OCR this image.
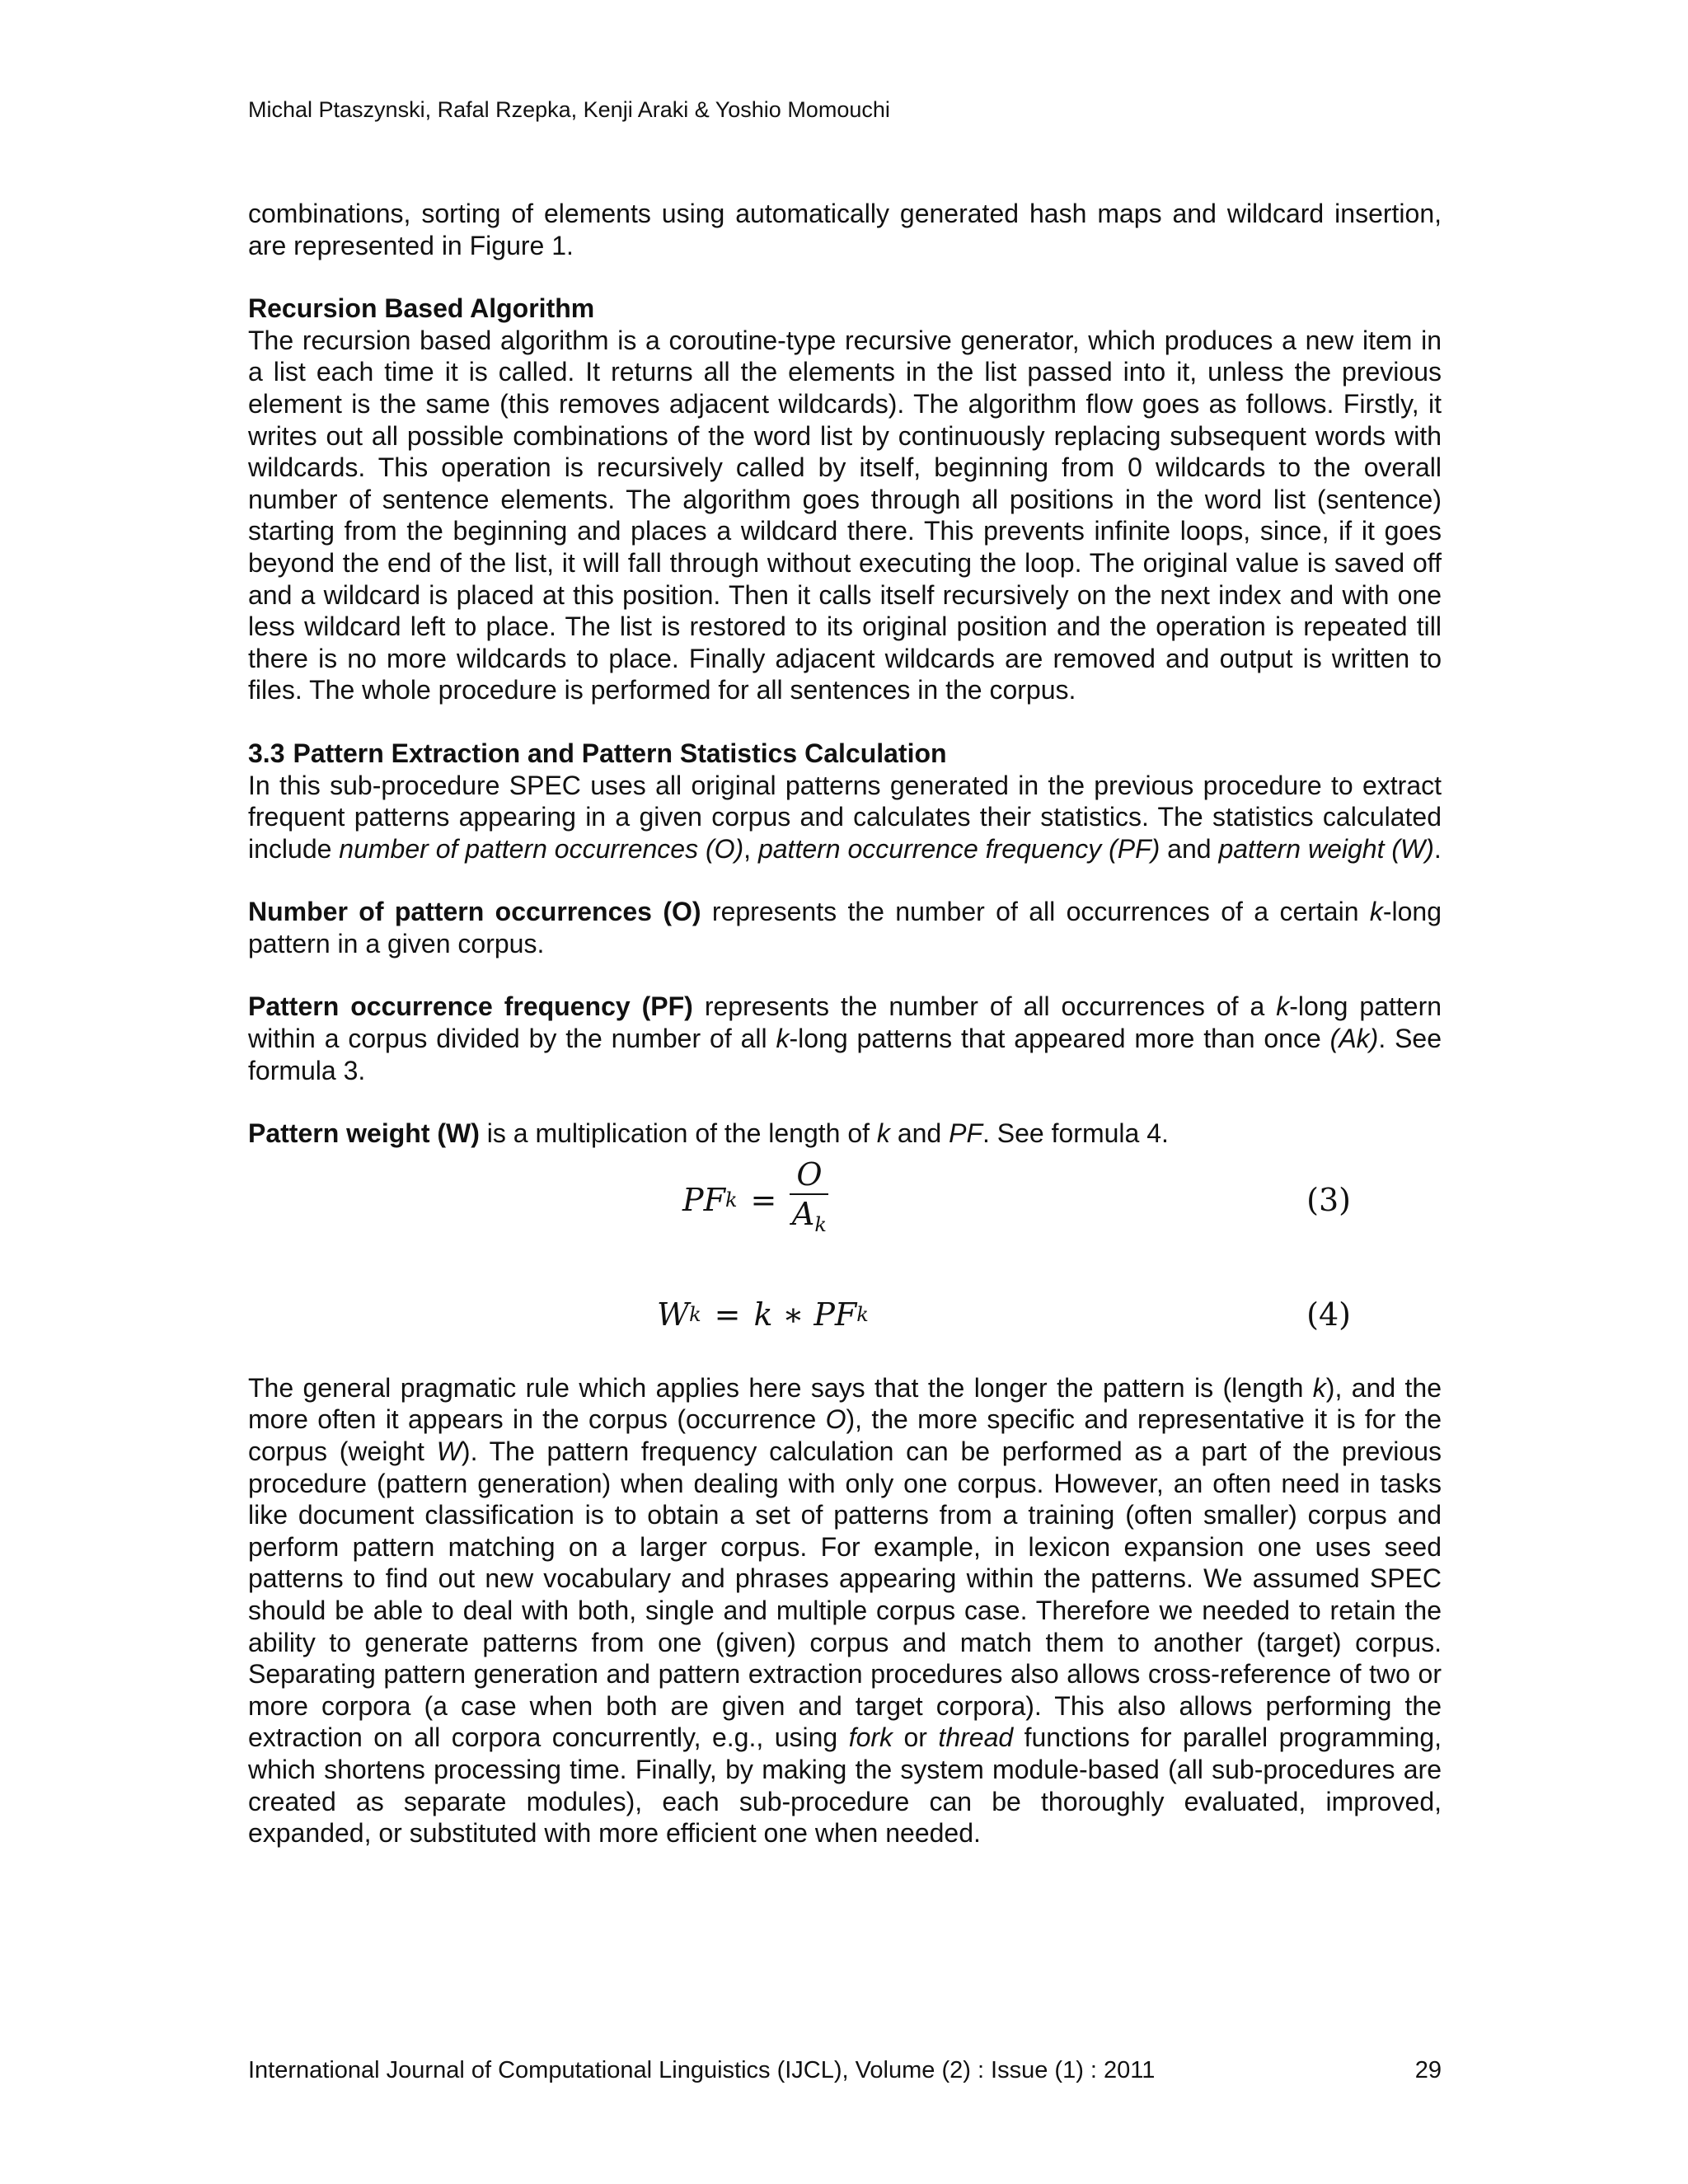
Michal Ptaszynski, Rafal Rzepka, Kenji Araki & Yoshio Momouchi

combinations, sorting of elements using automatically generated hash maps and wildcard insertion, are represented in Figure 1.

Recursion Based Algorithm

The recursion based algorithm is a coroutine-type recursive generator, which produces a new item in a list each time it is called. It returns all the elements in the list passed into it, unless the previous element is the same (this removes adjacent wildcards). The algorithm flow goes as follows. Firstly, it writes out all possible combinations of the word list by continuously replacing subsequent words with wildcards. This operation is recursively called by itself, beginning from 0 wildcards to the overall number of sentence elements. The algorithm goes through all positions in the word list (sentence) starting from the beginning and places a wildcard there. This prevents infinite loops, since, if it goes beyond the end of the list, it will fall through without executing the loop. The original value is saved off and a wildcard is placed at this position. Then it calls itself recursively on the next index and with one less wildcard left to place. The list is restored to its original position and the operation is repeated till there is no more wildcards to place. Finally adjacent wildcards are removed and output is written to files. The whole procedure is performed for all sentences in the corpus.

3.3 Pattern Extraction and Pattern Statistics Calculation

In this sub-procedure SPEC uses all original patterns generated in the previous procedure to extract frequent patterns appearing in a given corpus and calculates their statistics. The statistics calculated include number of pattern occurrences (O), pattern occurrence frequency (PF) and pattern weight (W).

Number of pattern occurrences (O) represents the number of all occurrences of a certain k-long pattern in a given corpus.

Pattern occurrence frequency (PF) represents the number of all occurrences of a k-long pattern within a corpus divided by the number of all k-long patterns that appeared more than once (Ak). See formula 3.

Pattern weight (W) is a multiplication of the length of k and PF. See formula 4.

PF $k = \frac{O}{A_k}$	(3)
W k = k ∗ PF k	(4)

The general pragmatic rule which applies here says that the longer the pattern is (length k), and the more often it appears in the corpus (occurrence O), the more specific and representative it is for the corpus (weight W). The pattern frequency calculation can be performed as a part of the previous procedure (pattern generation) when dealing with only one corpus. However, an often need in tasks like document classification is to obtain a set of patterns from a training (often smaller) corpus and perform pattern matching on a larger corpus. For example, in lexicon expansion one uses seed patterns to find out new vocabulary and phrases appearing within the patterns. We assumed SPEC should be able to deal with both, single and multiple corpus case. Therefore we needed to retain the ability to generate patterns from one (given) corpus and match them to another (target) corpus. Separating pattern generation and pattern extraction procedures also allows cross-reference of two or more corpora (a case when both are given and target corpora). This also allows performing the extraction on all corpora concurrently, e.g., using fork or thread functions for parallel programming, which shortens processing time. Finally, by making the system module-based (all sub-procedures are created as separate modules), each sub-procedure can be thoroughly evaluated, improved, expanded, or substituted with more efficient one when needed.

International Journal of Computational Linguistics (IJCL), Volume (2) : Issue (1) : 2011	29
